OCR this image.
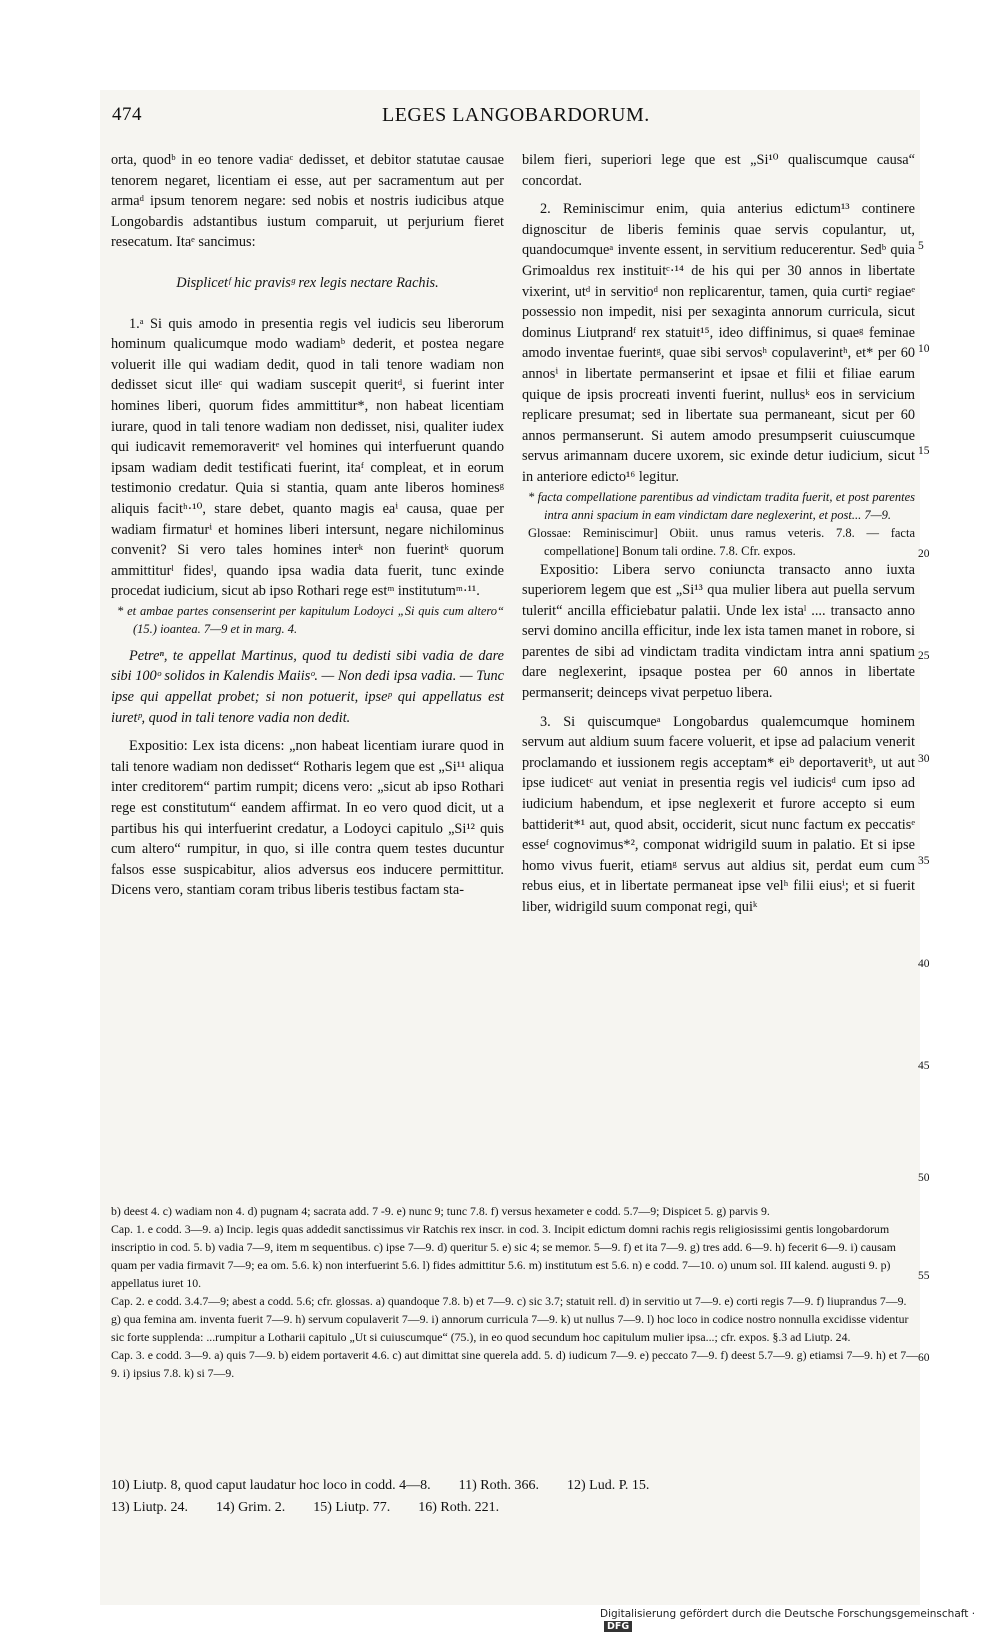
474	LEGES LANGOBARDORUM.

orta, quodᵇ in eo tenore vadiaᶜ dedisset, et debitor statutae causae tenorem negaret, licentiam ei esse, aut per sacramentum aut per armaᵈ ipsum tenorem negare: sed nobis et nostris iudicibus atque Longobardis adstantibus iustum comparuit, ut perjurium fieret resecatum. Itaᵉ sancimus:

Displicetᶠ hic pravisᵍ rex legis nectare Rachis.

1.ᵃ Si quis amodo in presentia regis vel iudicis seu liberorum hominum qualicumque modo wadiamᵇ dederit, et postea negare voluerit ille qui wadiam dedit, quod in tali tenore wadiam non dedisset sicut illeᶜ qui wadiam suscepit queritᵈ, si fuerint inter homines liberi, quorum fides ammittitur*, non habeat licentiam iurare, quod in tali tenore wadiam non dedisset, nisi, qualiter iudex qui iudicavit rememoraveritᵉ vel homines qui interfuerunt quando ipsam wadiam dedit testificati fuerint, itaᶠ compleat, et in eorum testimonio credatur. Quia si stantia, quam ante liberos hominesᵍ aliquis facitʰ·¹⁰, stare debet, quanto magis eaⁱ causa, quae per wadiam firmaturⁱ et homines liberi intersunt, negare nichilominus convenit? Si vero tales homines interᵏ non fuerintᵏ quorum ammittiturˡ fidesˡ, quando ipsa wadia data fuerit, tunc exinde procedat iudicium, sicut ab ipso Rothari rege estᵐ institutumᵐ·¹¹.

* et ambae partes consenserint per kapitulum Lodoyci „Si quis cum altero“ (15.) ioantea. 7—9 et in marg. 4.

Petreⁿ, te appellat Martinus, quod tu dedisti sibi vadia de dare sibi 100ᵒ solidos in Kalendis Maiisᵒ. — Non dedi ipsa vadia. — Tunc ipse qui appellat probet; si non potuerit, ipseᵖ qui appellatus est iuretᵖ, quod in tali tenore vadia non dedit.

Expositio: Lex ista dicens: „non habeat licentiam iurare quod in tali tenore wadiam non dedisset“ Rotharis legem que est „Si¹¹ aliqua inter creditorem“ partim rumpit; dicens vero: „sicut ab ipso Rothari rege est constitutum“ eandem affirmat. In eo vero quod dicit, ut a partibus his qui interfuerint credatur, a Lodoyci capitulo „Si¹² quis cum altero“ rumpitur, in quo, si ille contra quem testes ducuntur falsos esse suspicabitur, alios adversus eos inducere permittitur. Dicens vero, stantiam coram tribus liberis testibus factam sta-

bilem fieri, superiori lege que est „Si¹⁰ qualiscumque causa“ concordat.

2. Reminiscimur enim, quia anterius edictum¹³ continere dignoscitur de liberis feminis quae servis copulantur, ut, quandocumqueᵃ invente essent, in servitium reducerentur. Sedᵇ quia Grimoaldus rex instituitᶜ·¹⁴ de his qui per 30 annos in libertate vixerint, utᵈ in servitioᵈ non replicarentur, tamen, quia curtiᵉ regiaeᵉ possessio non impedit, nisi per sexaginta annorum curricula, sicut dominus Liutprandᶠ rex statuit¹⁵, ideo diffinimus, si quaeᵍ feminae amodo inventae fuerintᵍ, quae sibi servosʰ copulaverintʰ, et* per 60 annosⁱ in libertate permanserint et ipsae et filii et filiae earum quique de ipsis procreati inventi fuerint, nullusᵏ eos in servicium replicare presumat; sed in libertate sua permaneant, sicut per 60 annos permanserunt. Si autem amodo presumpserit cuiuscumque servus arimannam ducere uxorem, sic exinde detur iudicium, sicut in anteriore edicto¹⁶ legitur.

* facta compellatione parentibus ad vindictam tradita fuerit, et post parentes intra anni spacium in eam vindictam dare neglexerint, et post... 7—9.

Glossae: Reminiscimur] Obiit. unus ramus veteris. 7.8. — facta compellatione] Bonum tali ordine. 7.8. Cfr. expos.

Expositio: Libera servo coniuncta transacto anno iuxta superiorem legem que est „Si¹³ qua mulier libera aut puella servum tulerit“ ancilla efficiebatur palatii. Unde lex istaˡ .... transacto anno servi domino ancilla efficitur, inde lex ista tamen manet in robore, si parentes de sibi ad vindictam tradita vindictam intra anni spatium dare neglexerint, ipsaque postea per 60 annos in libertate permanserit; deinceps vivat perpetuo libera.

3. Si quiscumqueᵃ Longobardus qualemcumque hominem servum aut aldium suum facere voluerit, et ipse ad palacium venerit proclamando et iussionem regis acceptam* eiᵇ deportaveritᵇ, ut aut ipse iudicetᶜ aut veniat in presentia regis vel iudicisᵈ cum ipso ad iudicium habendum, et ipse neglexerit et furore accepto si eum battiderit*¹ aut, quod absit, occiderit, sicut nunc factum ex peccatisᵉ esseᶠ cognovimus*², componat widrigild suum in palatio. Et si ipse homo vivus fuerit, etiamᵍ servus aut aldius sit, perdat eum cum rebus eius, et in libertate permaneat ipse velʰ filii eiusⁱ; et si fuerit liber, widrigild suum componat regi, quiᵏ

5
10
15
20
25
30
35
40
45

b) deest 4. c) wadiam non 4. d) pugnam 4; sacrata add. 7 -9. e) nunc 9; tunc 7.8. f) versus hexameter e codd. 5.7—9; Dispicet 5. g) parvis 9.

Cap. 1. e codd. 3—9. a) Incip. legis quas addedit sanctissimus vir Ratchis rex inscr. in cod. 3. Incipit edictum domni rachis regis religiosissimi gentis longobardorum inscriptio in cod. 5. b) vadia 7—9, item m sequentibus. c) ipse 7—9. d) queritur 5. e) sic 4; se memor. 5—9. f) et ita 7—9. g) tres add. 6—9. h) fecerit 6—9. i) causam quam per vadia firmavit 7—9; ea om. 5.6. k) non interfuerint 5.6. l) fides admittitur 5.6. m) institutum est 5.6. n) e codd. 7—10. o) unum sol. III kalend. augusti 9. p) appellatus iuret 10.

Cap. 2. e codd. 3.4.7—9; abest a codd. 5.6; cfr. glossas. a) quandoque 7.8. b) et 7—9. c) sic 3.7; statuit rell. d) in servitio ut 7—9. e) corti regis 7—9. f) liuprandus 7—9. g) qua femina am. inventa fuerit 7—9. h) servum copulaverit 7—9. i) annorum curricula 7—9. k) ut nullus 7—9. l) hoc loco in codice nostro nonnulla excidisse videntur sic forte supplenda: ...rumpitur a Lotharii capitulo „Ut si cuiuscumque“ (75.), in eo quod secundum hoc capitulum mulier ipsa...; cfr. expos. §.3 ad Liutp. 24.

Cap. 3. e codd. 3—9. a) quis 7—9. b) eidem portaverit 4.6. c) aut dimittat sine querela add. 5. d) iudicum 7—9. e) peccato 7—9. f) deest 5.7—9. g) etiamsi 7—9. h) et 7—9. i) ipsius 7.8. k) si 7—9.

50
55
60

10) Liutp. 8, quod caput laudatur hoc loco in codd. 4—8. 11) Roth. 366. 12) Lud. P. 15.

13) Liutp. 24. 14) Grim. 2. 15) Liutp. 77. 16) Roth. 221.

Digitalisierung gefördert durch die Deutsche Forschungsgemeinschaft · DFG
